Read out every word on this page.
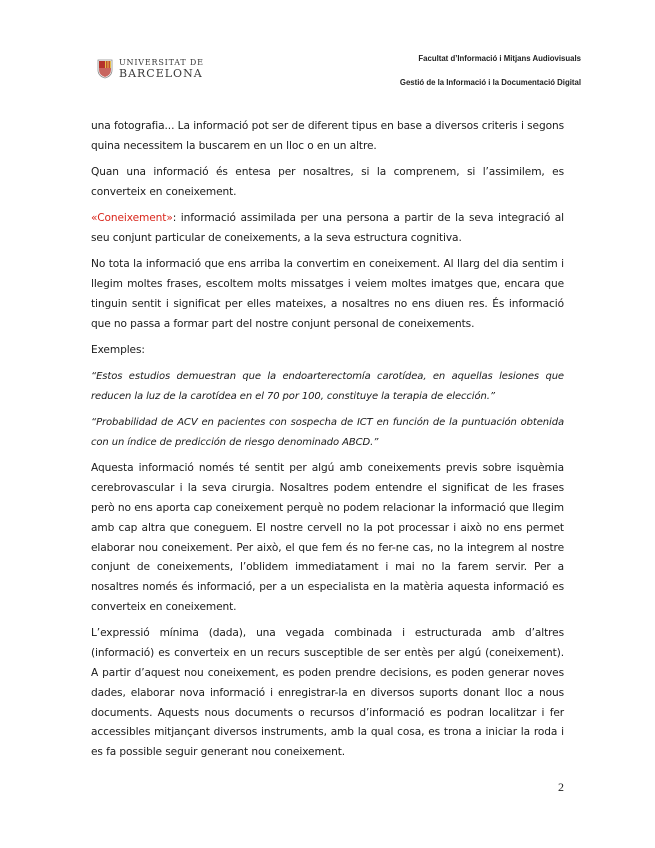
UNIVERSITAT DE
BARCELONA
Facultat d’Informació i Mitjans Audiovisuals
Gestió de la Informació i la Documentació Digital

una fotografia... La informació pot ser de diferent tipus en base a diversos criteris i segons quina necessitem la buscarem en un lloc o en un altre.

Quan una informació és entesa per nosaltres, si la comprenem, si l’assimilem, es converteix en coneixement.

«Coneixement»: informació assimilada per una persona a partir de la seva integració al seu conjunt particular de coneixements, a la seva estructura cognitiva.

No tota la informació que ens arriba la convertim en coneixement. Al llarg del dia sentim i llegim moltes frases, escoltem molts missatges i veiem moltes imatges que, encara que tinguin sentit i significat per elles mateixes, a nosaltres no ens diuen res. És informació que no passa a formar part del nostre conjunt personal de coneixements.

Exemples:

“Estos estudios demuestran que la endoarterectomía carotídea, en aquellas lesiones que reducen la luz de la carotídea en el 70 por 100, constituye la terapia de elección.”

“Probabilidad de ACV en pacientes con sospecha de ICT en función de la puntuación obtenida con un índice de predicción de riesgo denominado ABCD.”

Aquesta informació només té sentit per algú amb coneixements previs sobre isquèmia cerebrovascular i la seva cirurgia. Nosaltres podem entendre el significat de les frases però no ens aporta cap coneixement perquè no podem relacionar la informació que llegim amb cap altra que coneguem. El nostre cervell no la pot processar i això no ens permet elaborar nou coneixement. Per això, el que fem és no fer-ne cas, no la integrem al nostre conjunt de coneixements, l’oblidem immediatament i mai no la farem servir. Per a nosaltres només és informació, per a un especialista en la matèria aquesta informació es converteix en coneixement.

L’expressió mínima (dada), una vegada combinada i estructurada amb d’altres (informació) es converteix en un recurs susceptible de ser entès per algú (coneixement). A partir d’aquest nou coneixement, es poden prendre decisions, es poden generar noves dades, elaborar nova informació i enregistrar-la en diversos suports donant lloc a nous documents. Aquests nous documents o recursos d’informació es podran localitzar i fer accessibles mitjançant diversos instruments, amb la qual cosa, es trona a iniciar la roda i es fa possible seguir generant nou coneixement.

2
